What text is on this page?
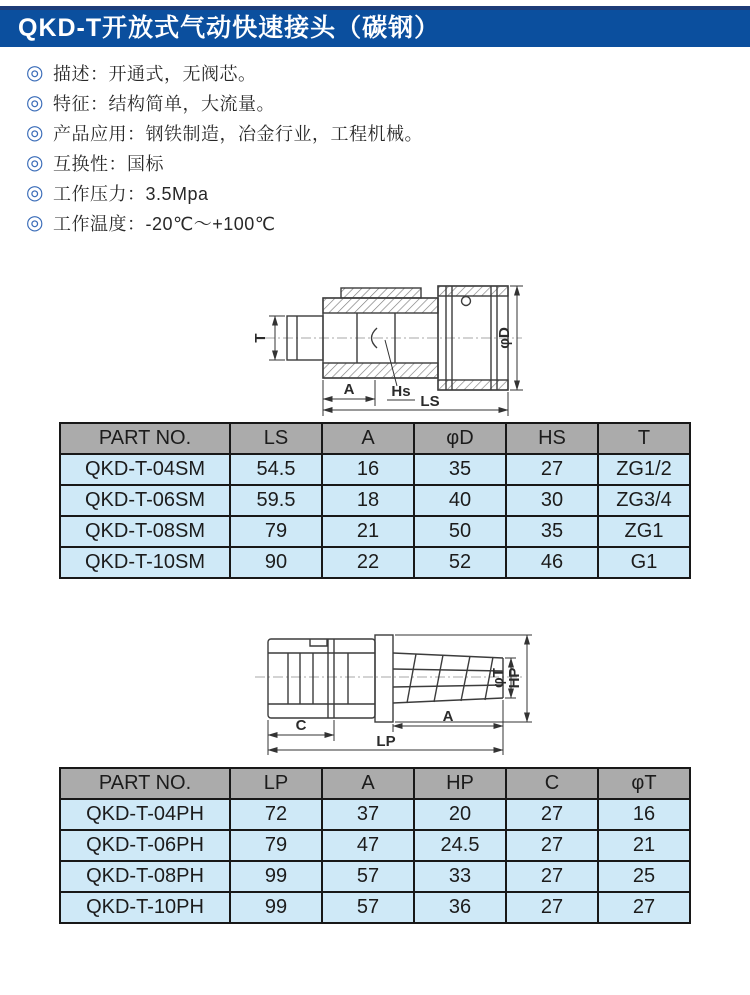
QKD-T开放式气动快速接头（碳钢）
◎ 描述：开通式，无阀芯。
◎ 特征：结构简单，大流量。
◎ 产品应用：钢铁制造，冶金行业，工程机械。
◎ 互换性：国标
◎ 工作压力：3.5Mpa
◎ 工作温度：-20℃～+100℃
T
A Hs
LS
φD
PART NO.	LS	A	φD	HS	T
QKD-T-04SM	54.5	16	35	27	ZG1/2
QKD-T-06SM	59.5	18	40	30	ZG3/4
QKD-T-08SM	79	21	50	35	ZG1
QKD-T-10SM	90	22	52	46	G1
C
A
LP
φT HP
PART NO.	LP	A	HP	C	φT
QKD-T-04PH	72	37	20	27	16
QKD-T-06PH	79	47	24.5	27	21
QKD-T-08PH	99	57	33	27	25
QKD-T-10PH	99	57	36	27	27
